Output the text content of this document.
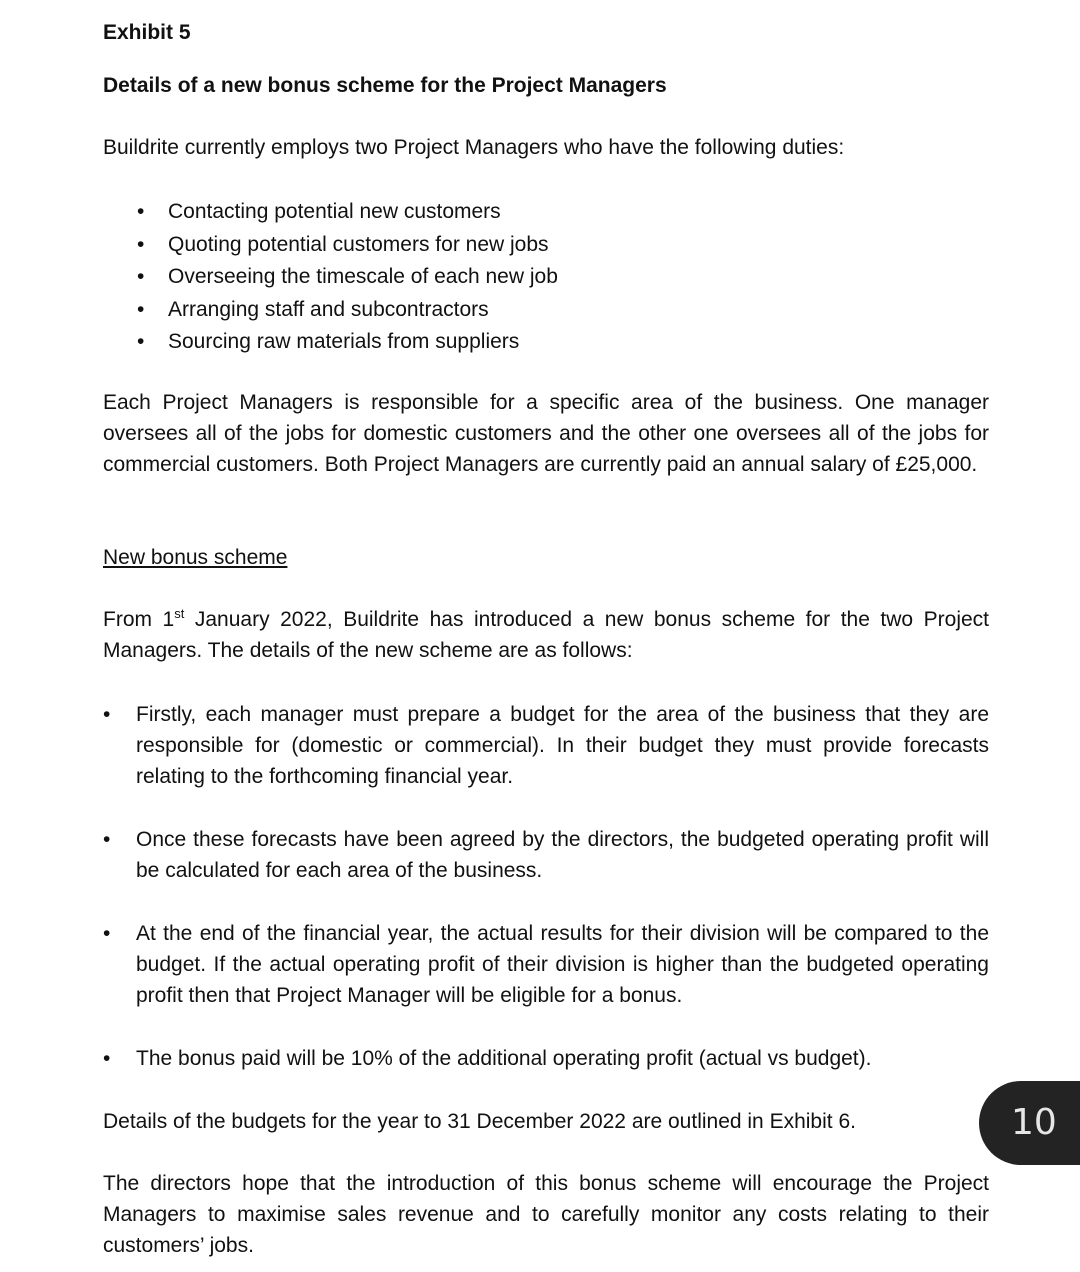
Exhibit 5

Details of a new bonus scheme for the Project Managers

Buildrite currently employs two Project Managers who have the following duties:

• Contacting potential new customers
• Quoting potential customers for new jobs
• Overseeing the timescale of each new job
• Arranging staff and subcontractors
• Sourcing raw materials from suppliers

Each Project Managers is responsible for a specific area of the business. One manager oversees all of the jobs for domestic customers and the other one oversees all of the jobs for commercial customers. Both Project Managers are currently paid an annual salary of £25,000.

New bonus scheme

From 1st January 2022, Buildrite has introduced a new bonus scheme for the two Project Managers. The details of the new scheme are as follows:

• Firstly, each manager must prepare a budget for the area of the business that they are responsible for (domestic or commercial). In their budget they must provide forecasts relating to the forthcoming financial year.
• Once these forecasts have been agreed by the directors, the budgeted operating profit will be calculated for each area of the business.
• At the end of the financial year, the actual results for their division will be compared to the budget. If the actual operating profit of their division is higher than the budgeted operating profit then that Project Manager will be eligible for a bonus.
• The bonus paid will be 10% of the additional operating profit (actual vs budget).

Details of the budgets for the year to 31 December 2022 are outlined in Exhibit 6.

The directors hope that the introduction of this bonus scheme will encourage the Project Managers to maximise sales revenue and to carefully monitor any costs relating to their customers’ jobs.

10
